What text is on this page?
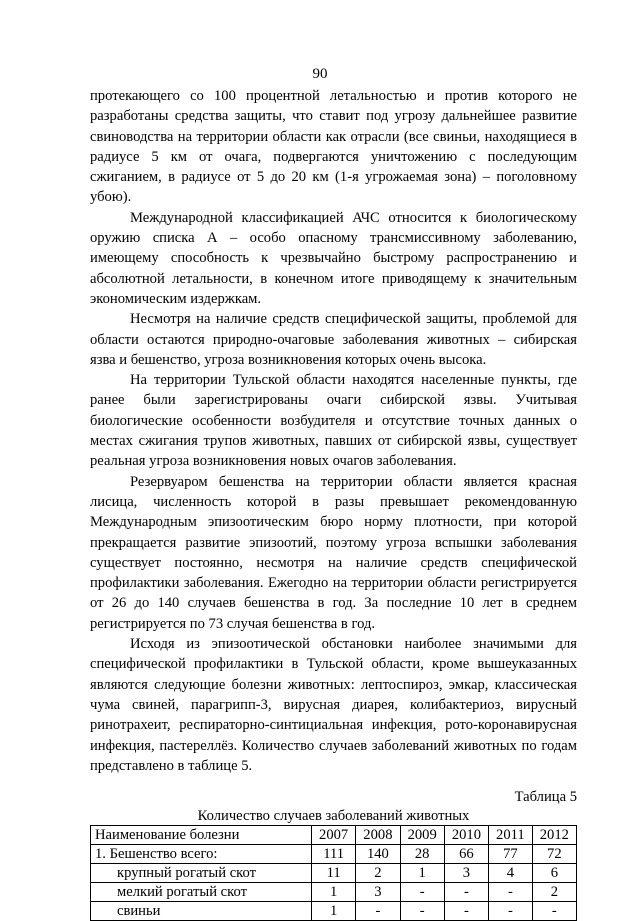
90

протекающего со 100 процентной летальностью и против которого не разработаны средства защиты, что ставит под угрозу дальнейшее развитие свиноводства на территории области как отрасли (все свиньи, находящиеся в радиусе 5 км от очага, подвергаются уничтожению с последующим сжиганием, в радиусе от 5 до 20 км (1-я угрожаемая зона) – поголовному убою).

Международной классификацией АЧС относится к биологическому оружию списка А – особо опасному трансмиссивному заболеванию, имеющему способность к чрезвычайно быстрому распространению и абсолютной летальности, в конечном итоге приводящему к значительным экономическим издержкам.

Несмотря на наличие средств специфической защиты, проблемой для области остаются природно-очаговые заболевания животных – сибирская язва и бешенство, угроза возникновения которых очень высока.

На территории Тульской области находятся населенные пункты, где ранее были зарегистрированы очаги сибирской язвы. Учитывая биологические особенности возбудителя и отсутствие точных данных о местах сжигания трупов животных, павших от сибирской язвы, существует реальная угроза возникновения новых очагов заболевания.

Резервуаром бешенства на территории области является красная лисица, численность которой в разы превышает рекомендованную Международным эпизоотическим бюро норму плотности, при которой прекращается развитие эпизоотий, поэтому угроза вспышки заболевания существует постоянно, несмотря на наличие средств специфической профилактики заболевания. Ежегодно на территории области регистрируется от 26 до 140 случаев бешенства в год. За последние 10 лет в среднем регистрируется по 73 случая бешенства в год.

Исходя из эпизоотической обстановки наиболее значимыми для специфической профилактики в Тульской области, кроме вышеуказанных являются следующие болезни животных: лептоспироз, эмкар, классическая чума свиней, парагрипп-3, вирусная диарея, колибактериоз, вирусный ринотрахеит, респираторно-синтициальная инфекция, рото-коронавирусная инфекция, пастереллёз. Количество случаев заболеваний животных по годам представлено в таблице 5.

Таблица 5
Количество случаев заболеваний животных
Наименование болезни	2007	2008	2009	2010	2011	2012
1. Бешенство всего:	111	140	28	66	77	72
крупный рогатый скот	11	2	1	3	4	6
мелкий рогатый скот	1	3	-	-	-	2
свиньи	1	-	-	-	-	-
